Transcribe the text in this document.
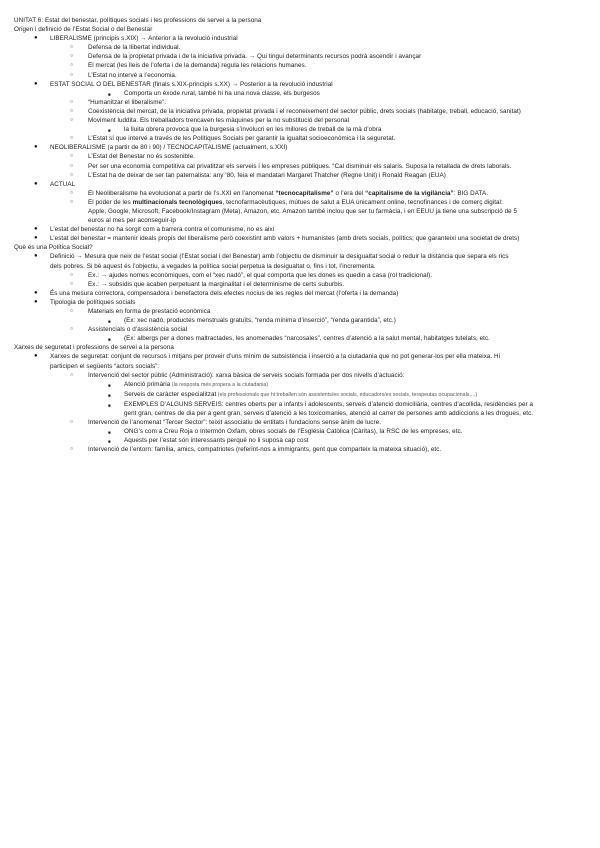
UNITAT 6: Estat del benestar, polítiques socials i les professions de servei a la persona

Origen i definició de l’Estat Social o del Benestar

● LIBERALISME (principis s.XIX) → Anterior a la revolució industrial
○ Defensa de la llibertat individual.
○ Defensa de la propietat privada i de la iniciativa privada. → Qui tingui determinants recursos podrà ascendir i avançar
○ El mercat (les lleis de l’oferta i de la demanda) regula les relacions humanes.
○ L’Estat no intervé a l’economia.
● ESTAT SOCIAL O DEL BENESTAR (finals s.XIX-principis s.XX) → Posterior a la revolució industrial
■ Comporta un èxode rural, també hi ha una nova classe, els burgesos
○ “Humanitzar el liberalisme”.
○ Coexistència del mercat, de la iniciativa privada, propietat privada i el reconeixement del sector públic, drets socials (habitatge, treball, educació, sanitat)
○ Moviment luddita. Els treballadors trencaven les màquines per la no substitució del personal
■ la lluita obrera provoca que la burgesia s’involucri en les millores de treball de la mà d’obra
○ L’Estat sí que intervé a través de les Polítiques Socials per garantir la igualtat socioeconòmica i la seguretat.
● NEOLIBERALISME (a partir de 80 i 90) / TECNOCAPITALISME (actualment, s.XXI)
○ L’Estat del Benestar no és sostenible.
○ Per ser una economia competitiva cal privatitzar els serveis i les empreses públiques. “Cal disminuir els salaris. Suposa la retallada de drets laborals.
○ L’Estat ha de deixar de ser tan paternalista: any ’80, feia el mandatari Margaret Thatcher (Regne Unit) i Ronald Reagan (EUA)
● ACTUAL
○ El Neoliberalisme ha evolucionat a partir de l’s.XXI en l’anomenat “tecnocapitalisme” o l’era del “capitalisme de la vigilància”: BIG DATA.
○ El poder de les multinacionals tecnològiques, tecnofarmacèutiques, mútues de salut a EUA únicament online, tecnofinances i de comerç digital:
Apple, Google, Microsoft, Facebook/Instagram (Meta), Amazon, etc. Amazon també inclou que ser tu farmàcia, i en EEUU ja tiene una subscripció de 5
euros al mes per aconseguir-ip
● L’estat del benestar no ha sorgit com a barrera contra el comunisme, no es així
● L’estat del benestar = mantenir ideals propis del liberalisme però coexistint amb valors + humanistes (amb drets socials, polítics; que garanteixi una societat de drets)

Què és una Política Social?

● Definició → Mesura que neix de l’estat social (l’Estat social i del Benestar) amb l’objectiu de disminuir la desigualtat social o reduir la distància que separa els rics
dels pobres. Si bé aquest és l’objectiu, a vegades la política social perpetua la desigualtat o, fins i tot, l’incrementa.
○ Ex.: → ajudes nomes econòmiques, com el “xec nadó”, el qual comporta que les dones es quedin a casa (rol tradicional).
○ Ex.: → subsidis que acaben perpetuant la marginalitat i el determinisme de certs suburbis.
● És una mesura correctora, compensadora i benefactora dels efectes nocius de les regles del mercat (l’oferta i la demanda)
● Tipologia de polítiques socials
○ Materials en forma de prestació econòmica
■ (Ex: xec nadó, productes menstruals gratuïts, “renda mínima d’inserció”, “renda garantida”, etc.)
○ Assistencials o d’assistència social
■ (Ex: albergs per a dones maltractades, les anomenades “narcosales”, centres d’atenció a la salut mental, habitatges tutelats, etc.

Xarxes de seguretat i professions de servei a la persona

● Xarxes de seguretat: conjunt de recursos i mitjans per proveir d’uns mínim de subsistència i inserció a la ciutadania que no pot generar-los per ella mateixa. Hi
participen el següents “actors socials”:
○ Intervenció del sector públic (Administració): xarxa bàsica de serveis socials formada per dos nivells d’actuació:
■ Atenció primària (la resposta més propera a la ciutadania)
■ Serveis de caràcter especialitzat (els professionals que hi treballen són assistents/es socials, educadors/es socials, terapeutas ocupacionals,...)
■ EXEMPLES D’ALGUNS SERVEIS: centres oberts per a infants i adolescents, serveis d’atenció domiciliària, centres d’acollida, residències per a
gent gran, centres de dia per a gent gran, serveis d’atenció a les toxicomanies, atenció al carrer de persones amb addiccions a les drogues, etc.
○ Intervenció de l’anomenat “Tercer Sector”: teixit associatiu de entitats i fundacions sense ànim de lucre.
■ ONG’s com a Creu Roja o Intermón Oxfam, obres socials de l’Església Catòlica (Càritas), la RSC de les empreses, etc.
■ Aquests per l’estat són interessants perquè no li suposa cap cost
○ Intervenció de l’entorn: família, amics, compatriotes (referint-nos a immigrants, gent que comparteix la mateixa situació), etc.
